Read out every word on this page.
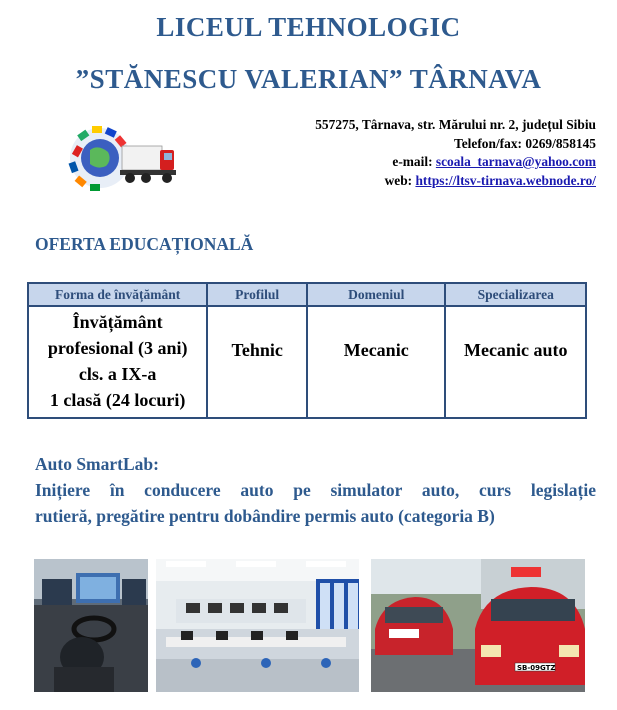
LICEUL TEHNOLOGIC
”STĂNESCU VALERIAN” TÂRNAVA
557275, Târnava, str. Mărului nr. 2, județul Sibiu
Telefon/fax: 0269/858145
e-mail: scoala_tarnava@yahoo.com
web: https://ltsv-tirnava.webnode.ro/
OFERTA EDUCAȚIONALĂ
Forma de învățământ	Profilul	Domeniul	Specializarea

Învățământ
profesional (3 ani)
cls. a IX-a
1 clasă (24 locuri)	Tehnic	Mecanic	Mecanic auto
Auto SmartLab:
Inițiere în conducere auto pe simulator auto, curs legislație
rutieră, pregătire pentru dobândire permis auto (categoria B)
SB-09GTZ
